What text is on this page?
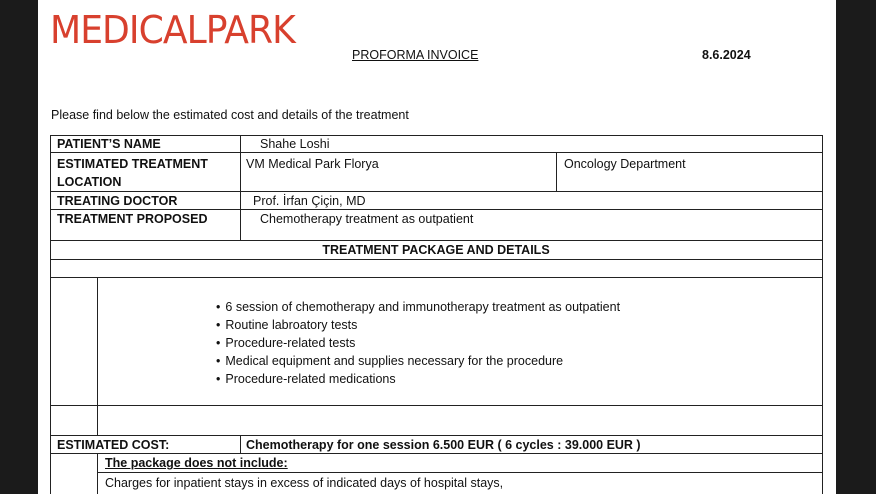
MEDICALPARK
PROFORMA INVOICE	8.6.2024
Please find below the estimated cost and details of the treatment
PATIENT’S NAME	Shahe Loshi
ESTIMATED TREATMENT
LOCATION
VM Medical Park Florya	Oncology Department
TREATING DOCTOR	Prof. İrfan Çiçin, MD
TREATMENT PROPOSED	Chemotherapy treatment as outpatient
TREATMENT PACKAGE AND DETAILS
• 6 session of chemotherapy and immunotherapy treatment as outpatient
• Routine labroatory tests
• Procedure-related tests
• Medical equipment and supplies necessary for the procedure
• Procedure-related medications
ESTIMATED COST:	Chemotherapy for one session 6.500 EUR ( 6 cycles : 39.000 EUR )
The package does not include:
Charges for inpatient stays in excess of indicated days of hospital stays,
